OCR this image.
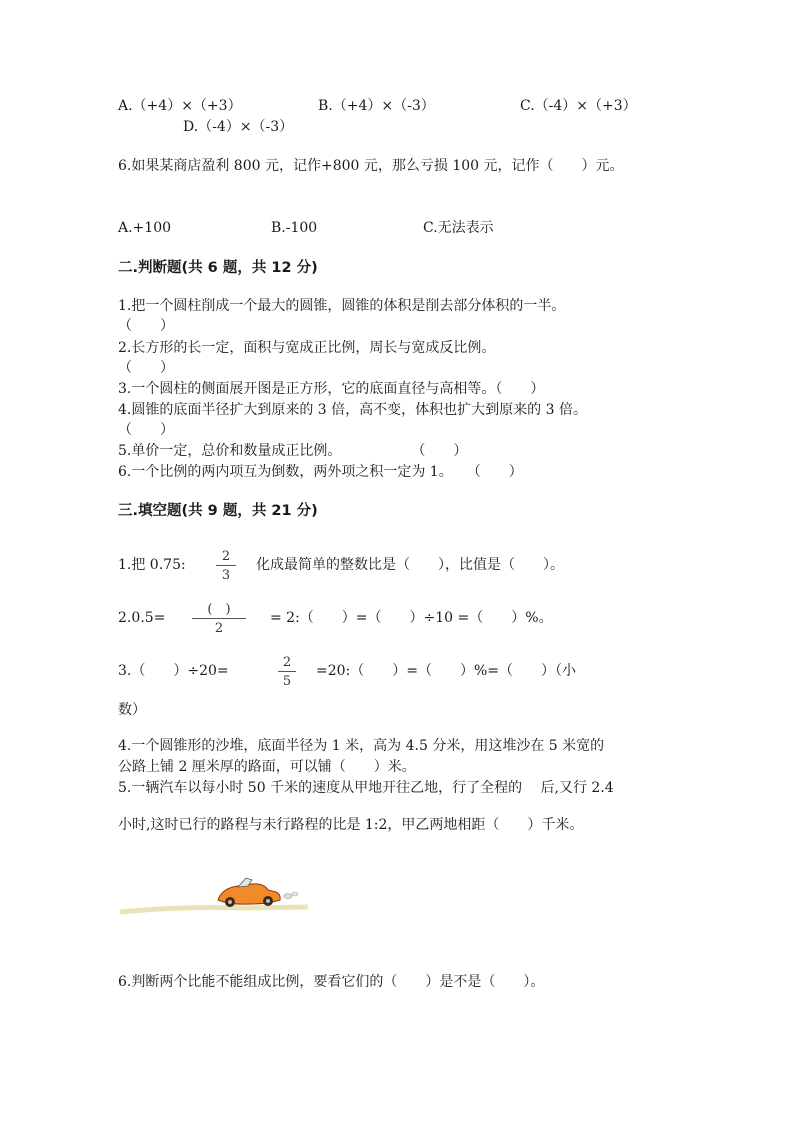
A.（+4）×（+3）	B.（+4）×（-3）	C.（-4）×（+3）
D.（-4）×（-3）
6.如果某商店盈利 800 元，记作+800 元，那么亏损 100 元，记作（　　）元。
A.+100	B.-100	C.无法表示
二.判断题(共 6 题，共 12 分)
1.把一个圆柱削成一个最大的圆锥，圆锥的体积是削去部分体积的一半。
（　　）
2.长方形的长一定，面积与宽成正比例，周长与宽成反比例。
（　　）
3.一个圆柱的侧面展开图是正方形，它的底面直径与高相等。（　　）
4.圆锥的底面半径扩大到原来的 3 倍，高不变，体积也扩大到原来的 3 倍。
（　　）
5.单价一定，总价和数量成正比例。　　　　　　（　　）
6.一个比例的两内项互为倒数，两外项之积一定为 1。　　（　　）
三.填空题(共 9 题，共 21 分)
1.把 0.75:
2
3
化成最简单的整数比是（　　），比值是（　　）。
2.0.5=
(　)
2
= 2:（　　）=（　　）÷10 =（　　）%。
3.（　　）÷20=
2
5
=20:（　　）=（　　）%=（　　）（小
数）
4.一个圆锥形的沙堆，底面半径为 1 米，高为 4.5 分米，用这堆沙在 5 米宽的
公路上铺 2 厘米厚的路面，可以铺（　　）米。
5.一辆汽车以每小时 50 千米的速度从甲地开往乙地，行了全程的　 后,又行 2.4
小时,这时已行的路程与未行路程的比是 1:2，甲乙两地相距（　　）千米。
6.判断两个比能不能组成比例，要看它们的（　　）是不是（　　）。
